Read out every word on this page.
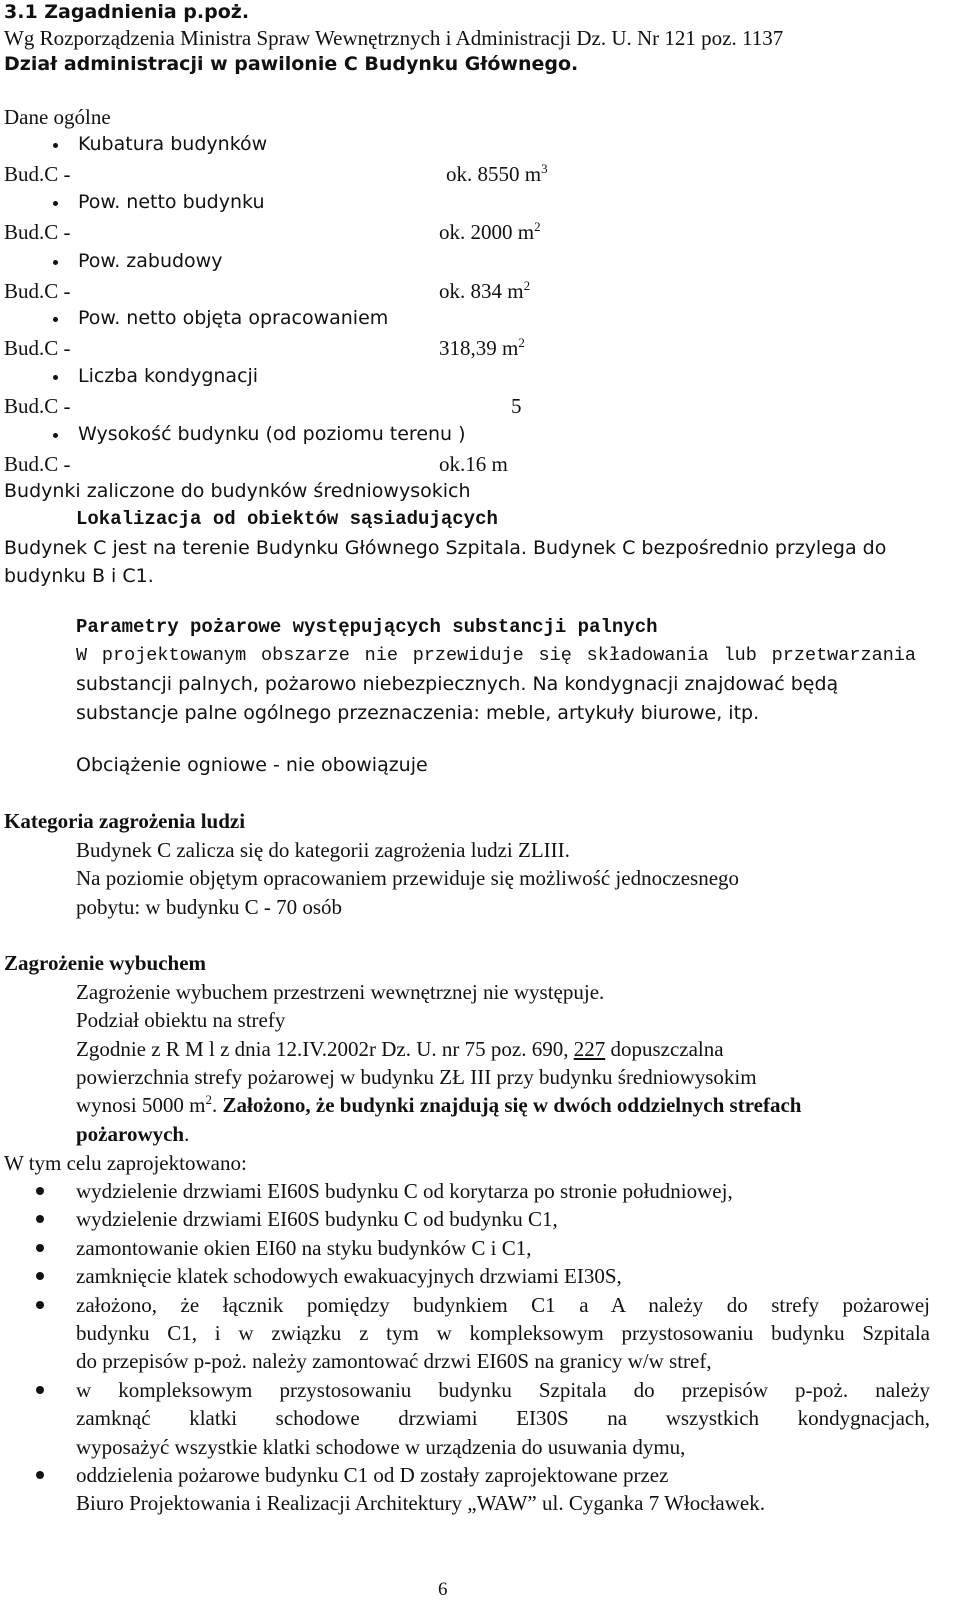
3.1 Zagadnienia p.poż.
Wg Rozporządzenia Ministra Spraw Wewnętrznych i Administracji Dz. U. Nr 121 poz. 1137
Dział administracji w pawilonie C Budynku Głównego.
Dane ogólne
Kubatura budynków
Bud.C -	ok. 8550 $m^3$
Pow. netto budynku
Bud.C -	ok. 2000 $m^2$
Pow. zabudowy
Bud.C -	ok. 834 $m^2$
Pow. netto objęta opracowaniem
Bud.C -	318,39 $m^2$
Liczba kondygnacji
Bud.C -	5
Wysokość budynku (od poziomu terenu )
Bud.C -	ok.16 m
Budynki zaliczone do budynków średniowysokich
Lokalizacja od obiektów sąsiadujących
Budynek C jest na terenie Budynku Głównego Szpitala. Budynek C bezpośrednio przylega do
budynku B i C1.
Parametry pożarowe występujących substancji palnych
W projektowanym obszarze nie przewiduje się składowania lub przetwarzania
substancji palnych, pożarowo niebezpiecznych. Na kondygnacji znajdować będą
substancje palne ogólnego przeznaczenia: meble, artykuły biurowe, itp.
Obciążenie ogniowe - nie obowiązuje
Kategoria zagrożenia ludzi
Budynek C zalicza się do kategorii zagrożenia ludzi ZLIII.
Na poziomie objętym opracowaniem przewiduje się możliwość jednoczesnego
pobytu: w budynku C - 70 osób
Zagrożenie wybuchem
Zagrożenie wybuchem przestrzeni wewnętrznej nie występuje.
Podział obiektu na strefy
Zgodnie z R M l z dnia 12.IV.2002r Dz. U. nr 75 poz. 690, 227 dopuszczalna
powierzchnia strefy pożarowej w budynku ZŁ III przy budynku średniowysokim
wynosi 5000 $m^2$. Założono, że budynki znajdują się w dwóch oddzielnych strefach
pożarowych.
W tym celu zaprojektowano:
wydzielenie drzwiami EI60S budynku C od korytarza po stronie południowej,
wydzielenie drzwiami EI60S budynku C od budynku C1,
zamontowanie okien EI60 na styku budynków C i C1,
zamknięcie klatek schodowych ewakuacyjnych drzwiami EI30S,
założono, że łącznik pomiędzy budynkiem C1 a A należy do strefy pożarowej
budynku C1, i w związku z tym w kompleksowym przystosowaniu budynku Szpitala
do przepisów p-poż. należy zamontować drzwi EI60S na granicy w/w stref,
w kompleksowym przystosowaniu budynku Szpitala do przepisów p-poż. należy
zamknąć klatki schodowe drzwiami EI30S na wszystkich kondygnacjach,
wyposażyć wszystkie klatki schodowe w urządzenia do usuwania dymu,
oddzielenia pożarowe budynku C1 od D zostały zaprojektowane przez
Biuro Projektowania i Realizacji Architektury „WAW” ul. Cyganka 7 Włocławek.
6
